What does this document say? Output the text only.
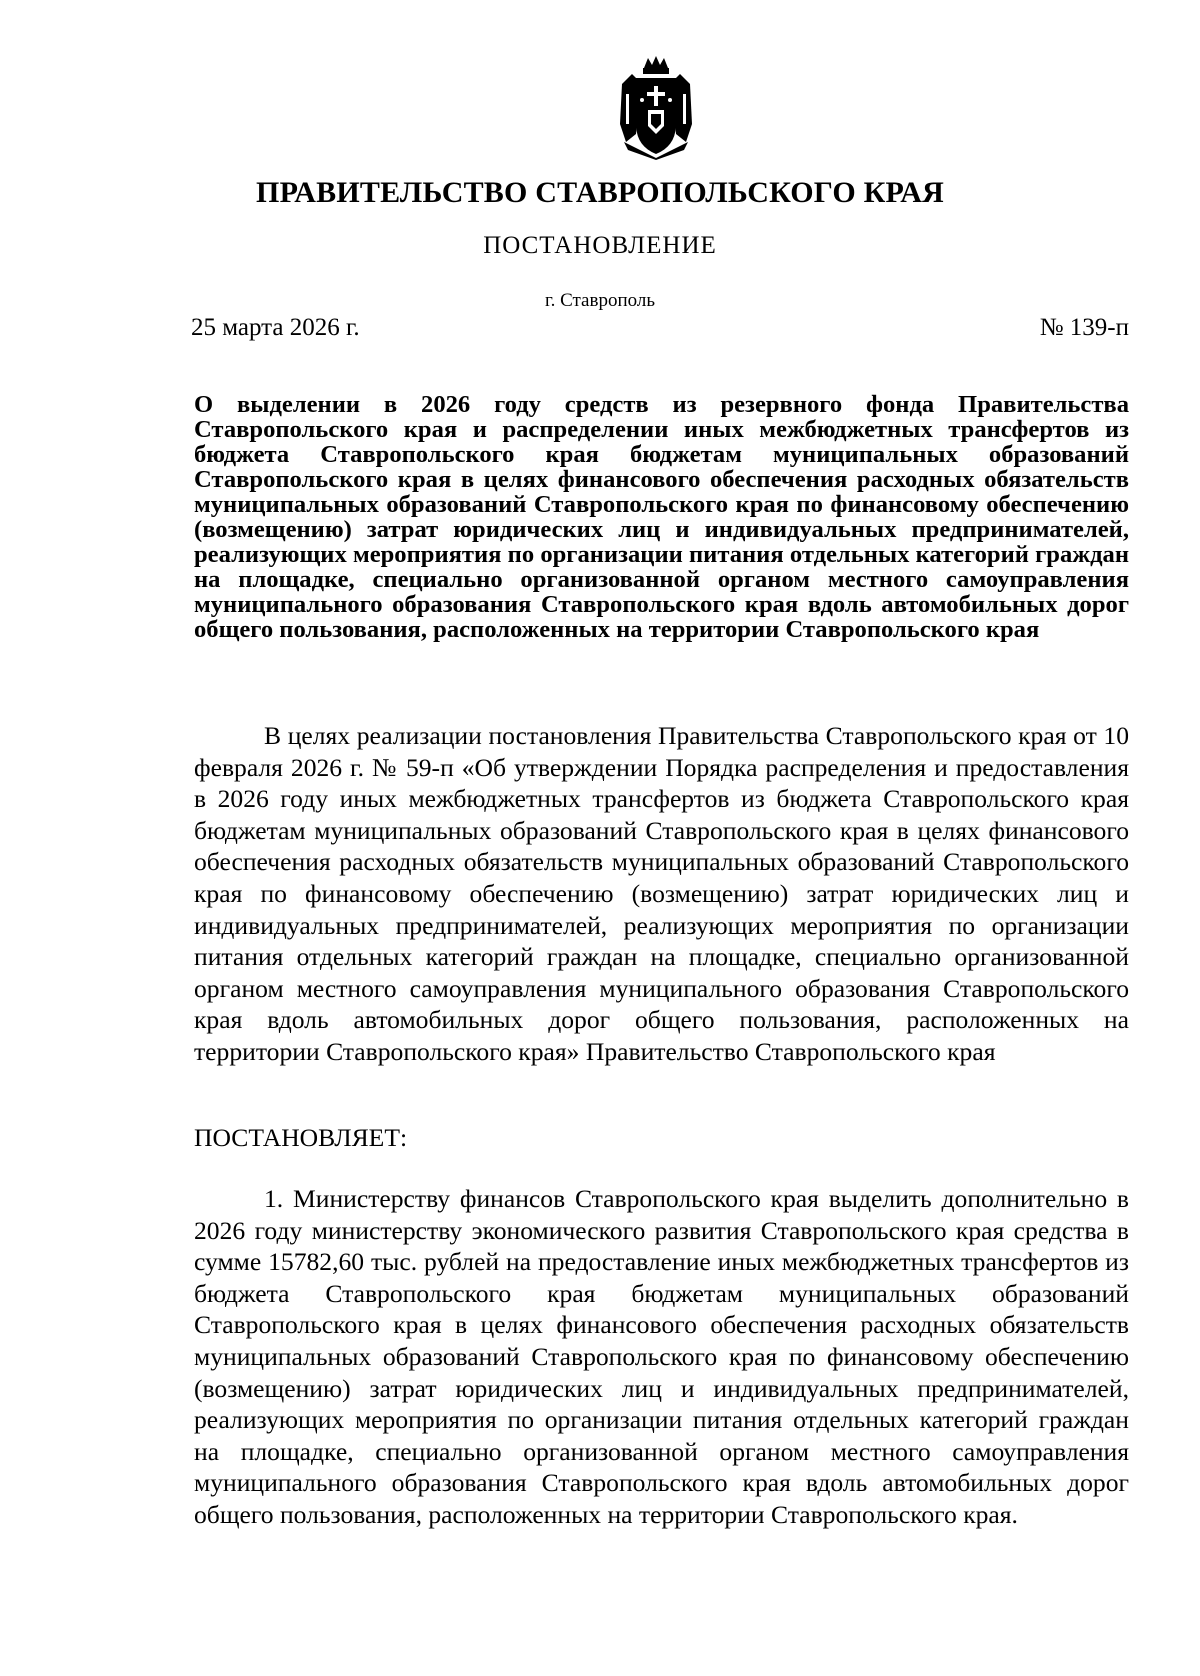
ПРАВИТЕЛЬСТВО СТАВРОПОЛЬСКОГО КРАЯ
ПОСТАНОВЛЕНИЕ
г. Ставрополь
25 марта 2026 г.	№ 139-п
О выделении в 2026 году средств из резервного фонда Правительства Ставропольского края и распределении иных межбюджетных трансфертов из бюджета Ставропольского края бюджетам муниципальных образований Ставропольского края в целях финансового обеспечения расходных обязательств муниципальных образований Ставропольского края по финансовому обеспечению (возмещению) затрат юридических лиц и индивидуальных предпринимателей, реализующих мероприятия по организации питания отдельных категорий граждан на площадке, специально организованной органом местного самоуправления муниципального образования Ставропольского края вдоль автомобильных дорог общего пользования, расположенных на территории Ставропольского края
В целях реализации постановления Правительства Ставропольского края от 10 февраля 2026 г. № 59-п «Об утверждении Порядка распределения и предоставления в 2026 году иных межбюджетных трансфертов из бюджета Ставропольского края бюджетам муниципальных образований Ставропольского края в целях финансового обеспечения расходных обязательств муниципальных образований Ставропольского края по финансовому обеспечению (возмещению) затрат юридических лиц и индивидуальных предпринимателей, реализующих мероприятия по организации питания отдельных категорий граждан на площадке, специально организованной органом местного самоуправления муниципального образования Ставропольского края вдоль автомобильных дорог общего пользования, расположенных на территории Ставропольского края» Правительство Ставропольского края
ПОСТАНОВЛЯЕТ:
1. Министерству финансов Ставропольского края выделить дополнительно в 2026 году министерству экономического развития Ставропольского края средства в сумме 15782,60 тыс. рублей на предоставление иных межбюджетных трансфертов из бюджета Ставропольского края бюджетам муниципальных образований Ставропольского края в целях финансового обеспечения расходных обязательств муниципальных образований Ставропольского края по финансовому обеспечению (возмещению) затрат юридических лиц и индивидуальных предпринимателей, реализующих мероприятия по организации питания отдельных категорий граждан на площадке, специально организованной органом местного самоуправления муниципального образования Ставропольского края вдоль автомобильных дорог общего пользования, расположенных на территории Ставропольского края.
